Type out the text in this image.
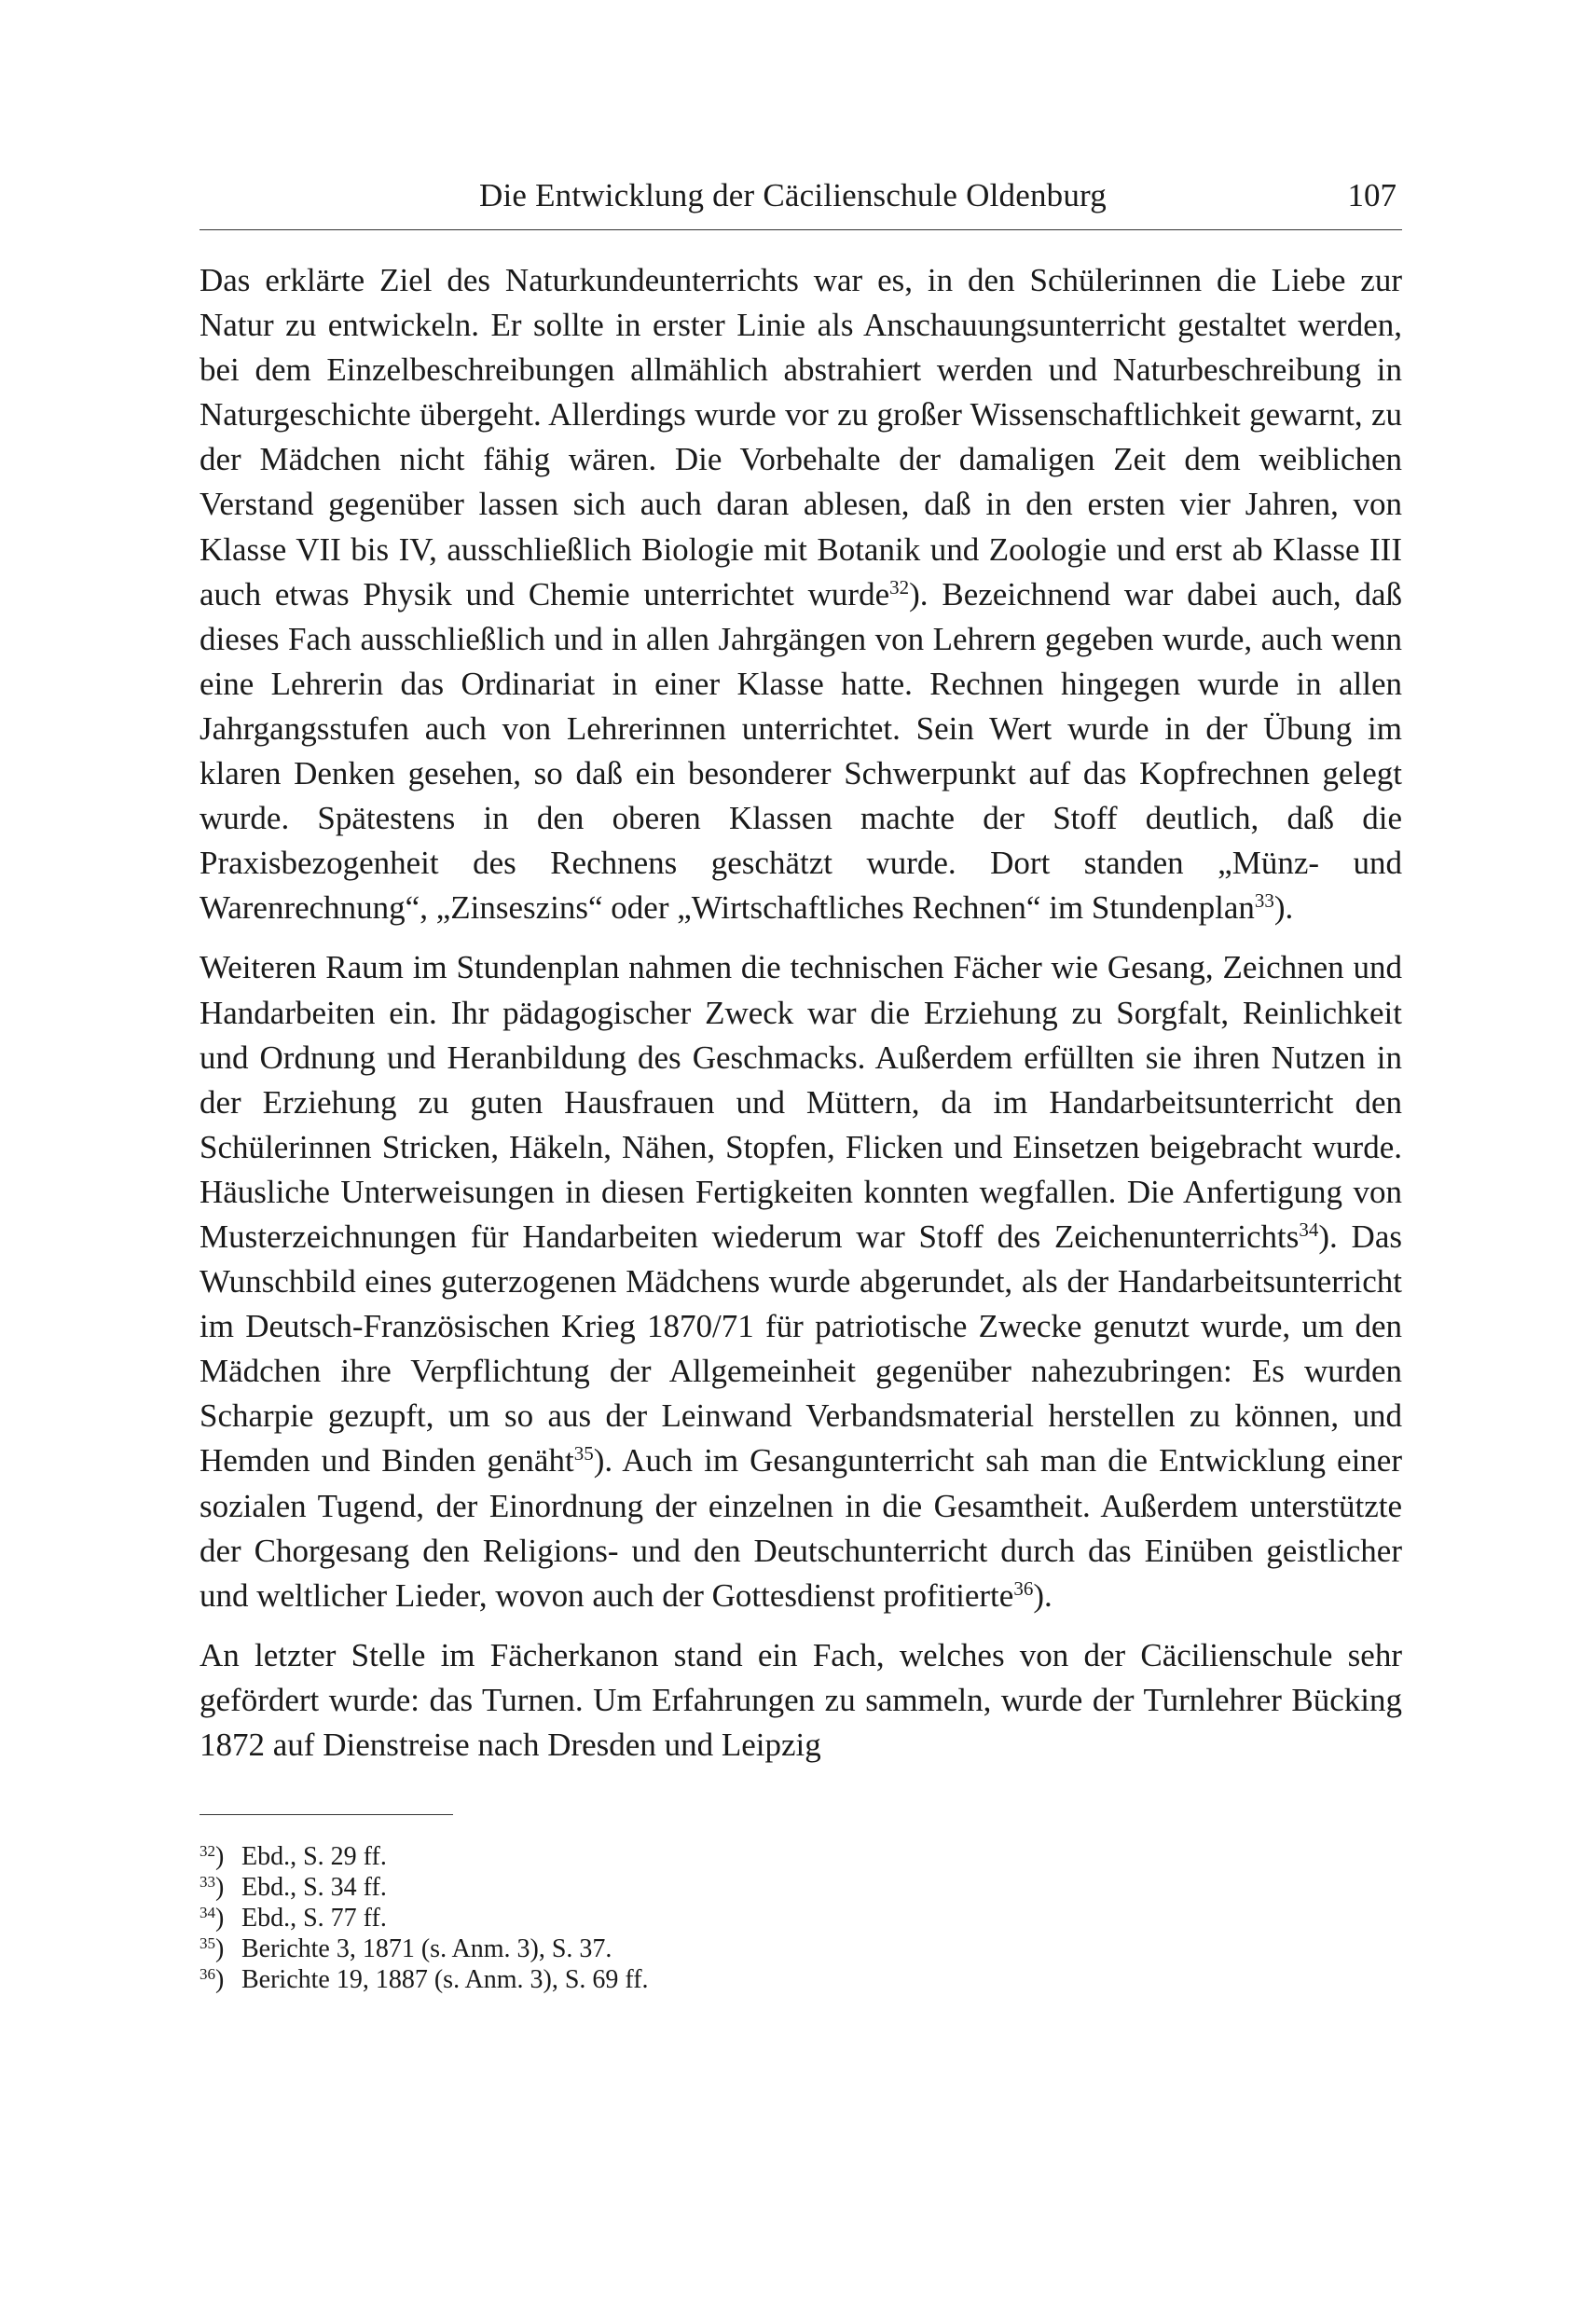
Die Entwicklung der Cäcilienschule Oldenburg	107

Das erklärte Ziel des Naturkundeunterrichts war es, in den Schülerinnen die Liebe zur Natur zu entwickeln. Er sollte in erster Linie als Anschauungsunterricht gestaltet werden, bei dem Einzelbeschreibungen allmählich abstrahiert werden und Naturbeschreibung in Naturgeschichte übergeht. Allerdings wurde vor zu großer Wissenschaftlichkeit gewarnt, zu der Mädchen nicht fähig wären. Die Vorbehalte der damaligen Zeit dem weiblichen Verstand gegenüber lassen sich auch daran ablesen, daß in den ersten vier Jahren, von Klasse VII bis IV, ausschließlich Biologie mit Botanik und Zoologie und erst ab Klasse III auch etwas Physik und Chemie unterrichtet wurde$^{32}$). Bezeichnend war dabei auch, daß dieses Fach ausschließlich und in allen Jahrgängen von Lehrern gegeben wurde, auch wenn eine Lehrerin das Ordinariat in einer Klasse hatte. Rechnen hingegen wurde in allen Jahrgangsstufen auch von Lehrerinnen unterrichtet. Sein Wert wurde in der Übung im klaren Denken gesehen, so daß ein besonderer Schwerpunkt auf das Kopfrechnen gelegt wurde. Spätestens in den oberen Klassen machte der Stoff deutlich, daß die Praxisbezogenheit des Rechnens geschätzt wurde. Dort standen „Münz- und Warenrechnung“, „Zinseszins“ oder „Wirtschaftliches Rechnen“ im Stundenplan$^{33}$).

Weiteren Raum im Stundenplan nahmen die technischen Fächer wie Gesang, Zeichnen und Handarbeiten ein. Ihr pädagogischer Zweck war die Erziehung zu Sorgfalt, Reinlichkeit und Ordnung und Heranbildung des Geschmacks. Außerdem erfüllten sie ihren Nutzen in der Erziehung zu guten Hausfrauen und Müttern, da im Handarbeitsunterricht den Schülerinnen Stricken, Häkeln, Nähen, Stopfen, Flicken und Einsetzen beigebracht wurde. Häusliche Unterweisungen in diesen Fertigkeiten konnten wegfallen. Die Anfertigung von Musterzeichnungen für Handarbeiten wiederum war Stoff des Zeichenunterrichts$^{34}$). Das Wunschbild eines guterzogenen Mädchens wurde abgerundet, als der Handarbeitsunterricht im Deutsch-Französischen Krieg 1870/71 für patriotische Zwecke genutzt wurde, um den Mädchen ihre Verpflichtung der Allgemeinheit gegenüber nahezubringen: Es wurden Scharpie gezupft, um so aus der Leinwand Verbandsmaterial herstellen zu können, und Hemden und Binden genäht$^{35}$). Auch im Gesangunterricht sah man die Entwicklung einer sozialen Tugend, der Einordnung der einzelnen in die Gesamtheit. Außerdem unterstützte der Chorgesang den Religions- und den Deutschunterricht durch das Einüben geistlicher und weltlicher Lieder, wovon auch der Gottesdienst profitierte$^{36}$).

An letzter Stelle im Fächerkanon stand ein Fach, welches von der Cäcilienschule sehr gefördert wurde: das Turnen. Um Erfahrungen zu sammeln, wurde der Turnlehrer Bücking 1872 auf Dienstreise nach Dresden und Leipzig

$^{32}$) Ebd., S. 29 ff.
$^{33}$) Ebd., S. 34 ff.
$^{34}$) Ebd., S. 77 ff.
$^{35}$) Berichte 3, 1871 (s. Anm. 3), S. 37.
$^{36}$) Berichte 19, 1887 (s. Anm. 3), S. 69 ff.
